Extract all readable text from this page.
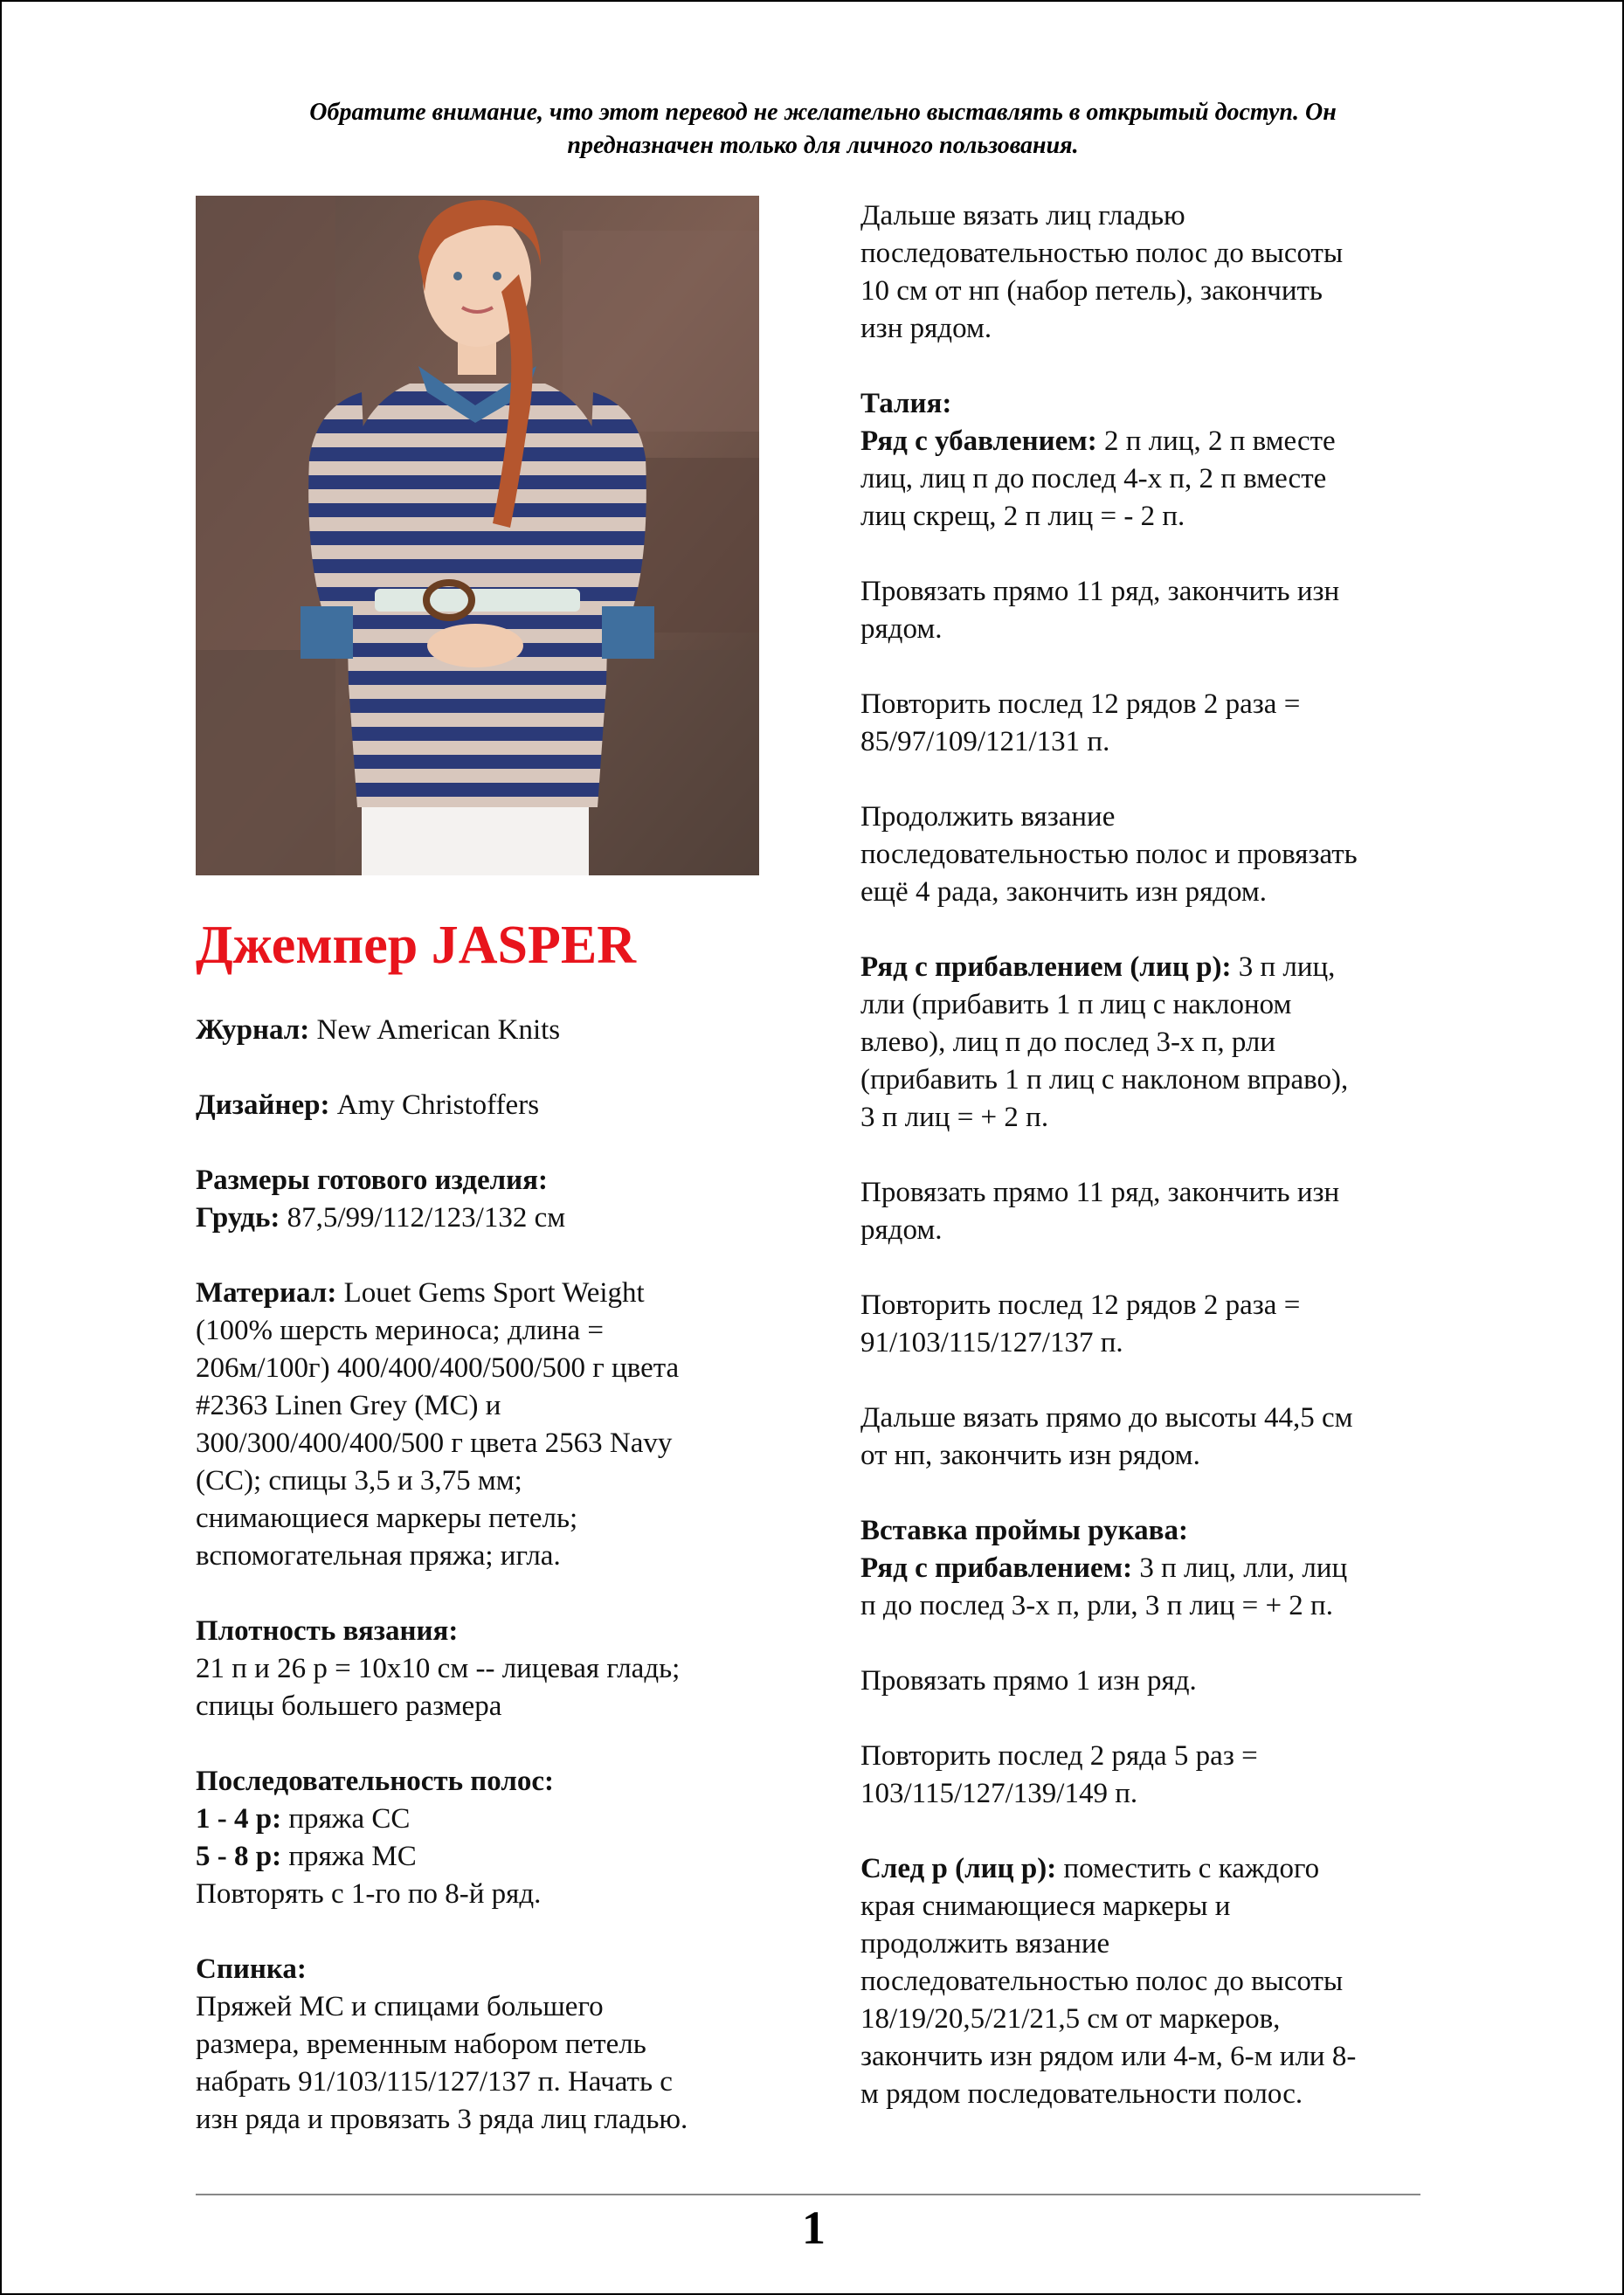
Обратите внимание, что этот перевод не желательно выставлять в открытый доступ. Он
предназначен только для личного пользования.
Джемпер JASPER
Журнал: New American Knits
Дизайнер: Amy Christoffers
Размеры готового изделия:
Грудь: 87,5/99/112/123/132 см
Материал: Louet Gems Sport Weight
(100% шерсть мериноса; длина =
206м/100г) 400/400/400/500/500 г цвета
#2363 Linen Grey (MC) и
300/300/400/400/500 г цвета 2563 Navy
(CC); спицы 3,5 и 3,75 мм;
снимающиеся маркеры петель;
вспомогательная пряжа; игла.
Плотность вязания:
21 п и 26 р = 10х10 см -- лицевая гладь;
спицы большего размера
Последовательность полос:
1 - 4 р: пряжа CC
5 - 8 р: пряжа MC
Повторять с 1-го по 8-й ряд.
Спинка:
Пряжей MC и спицами большего
размера, временным набором петель
набрать 91/103/115/127/137 п. Начать с
изн ряда и провязать 3 ряда лиц гладью.
Дальше вязать лиц гладью
последовательностью полос до высоты
10 см от нп (набор петель), закончить
изн рядом.
Талия:
Ряд с убавлением: 2 п лиц, 2 п вместе
лиц, лиц п до послед 4-х п, 2 п вместе
лиц скрещ, 2 п лиц = - 2 п.
Провязать прямо 11 ряд, закончить изн
рядом.
Повторить послед 12 рядов 2 раза =
85/97/109/121/131 п.
Продолжить вязание
последовательностью полос и провязать
ещё 4 рада, закончить изн рядом.
Ряд с прибавлением (лиц р): 3 п лиц,
лли (прибавить 1 п лиц с наклоном
влево), лиц п до послед 3-х п, рли
(прибавить 1 п лиц с наклоном вправо),
3 п лиц = + 2 п.
Провязать прямо 11 ряд, закончить изн
рядом.
Повторить послед 12 рядов 2 раза =
91/103/115/127/137 п.
Дальше вязать прямо до высоты 44,5 см
от нп, закончить изн рядом.
Вставка проймы рукава:
Ряд с прибавлением: 3 п лиц, лли, лиц
п до послед 3-х п, рли, 3 п лиц = + 2 п.
Провязать прямо 1 изн ряд.
Повторить послед 2 ряда 5 раз =
103/115/127/139/149 п.
След р (лиц р): поместить с каждого
края снимающиеся маркеры и
продолжить вязание
последовательностью полос до высоты
18/19/20,5/21/21,5 см от маркеров,
закончить изн рядом или 4-м, 6-м или 8-
м рядом последовательности полос.
1
